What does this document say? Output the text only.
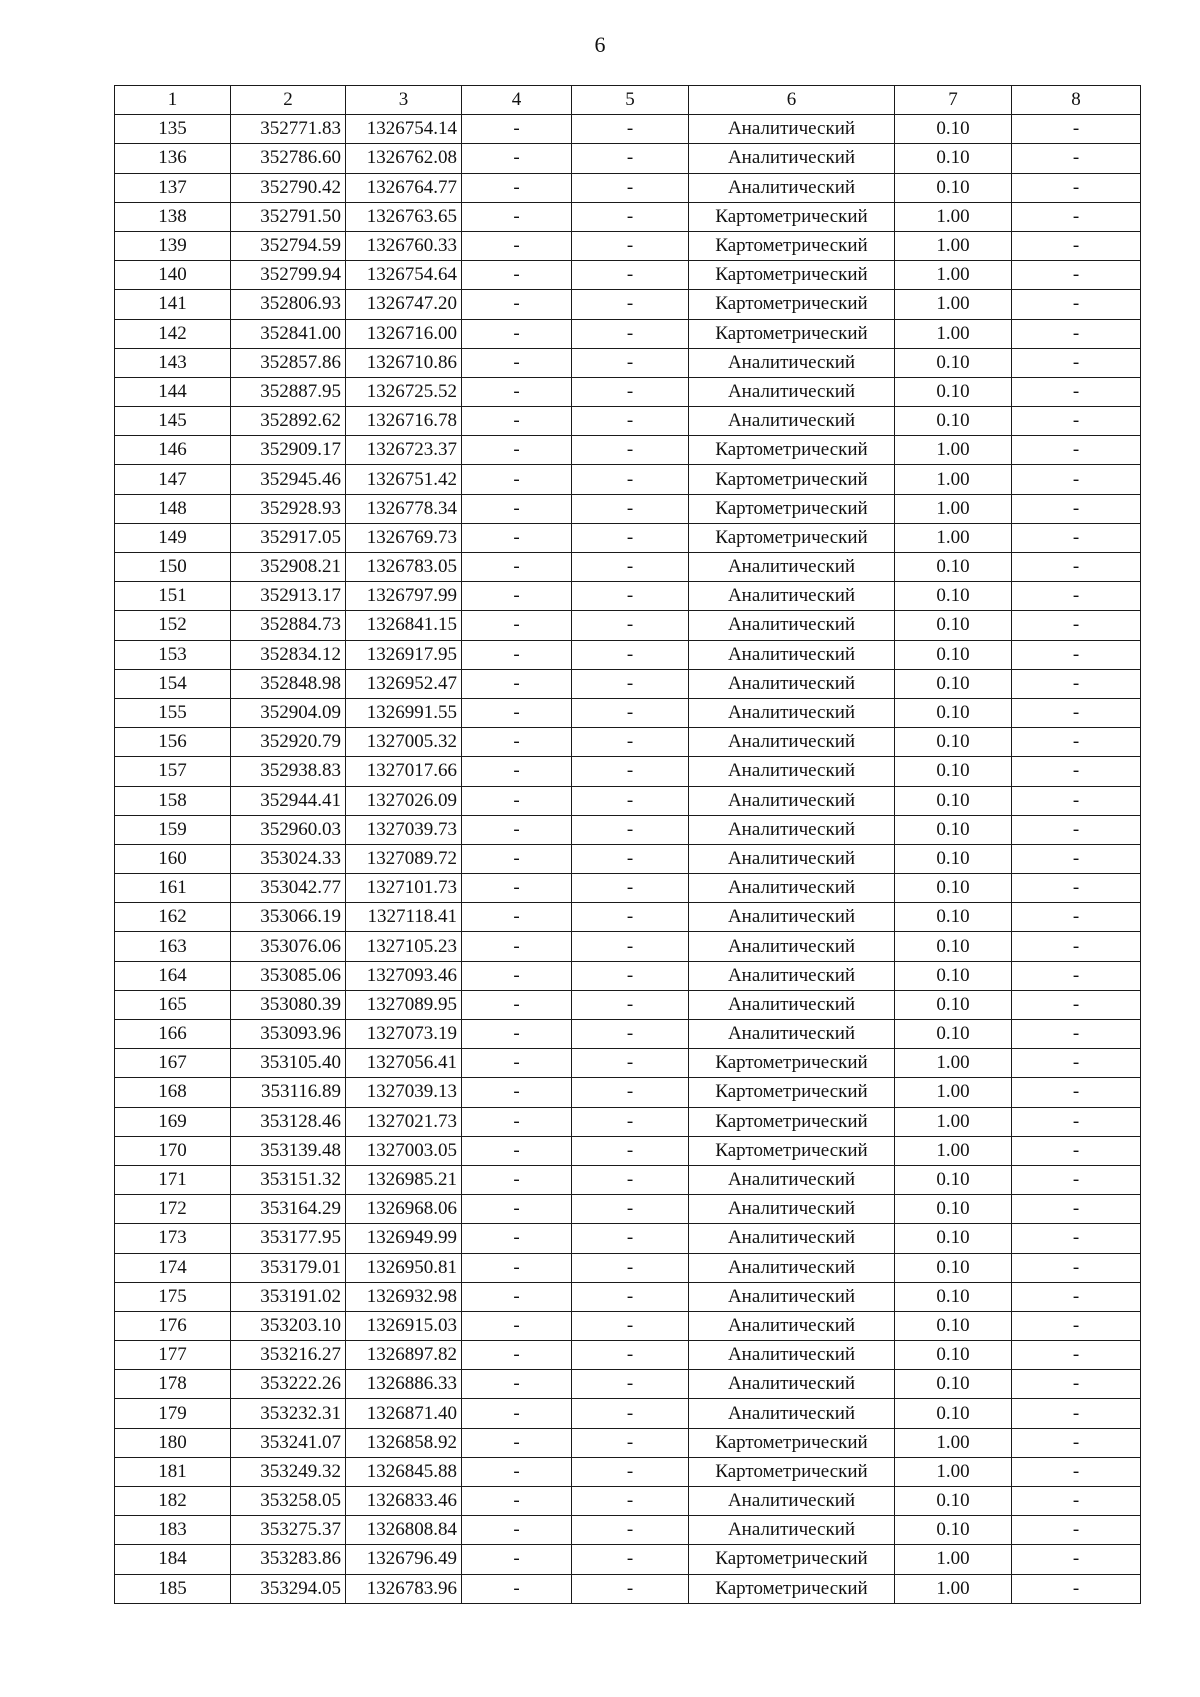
6
1	2	3	4	5	6	7	8
135	352771.83	1326754.14	-	-	Аналитический	0.10	-
136	352786.60	1326762.08	-	-	Аналитический	0.10	-
137	352790.42	1326764.77	-	-	Аналитический	0.10	-
138	352791.50	1326763.65	-	-	Картометрический	1.00	-
139	352794.59	1326760.33	-	-	Картометрический	1.00	-
140	352799.94	1326754.64	-	-	Картометрический	1.00	-
141	352806.93	1326747.20	-	-	Картометрический	1.00	-
142	352841.00	1326716.00	-	-	Картометрический	1.00	-
143	352857.86	1326710.86	-	-	Аналитический	0.10	-
144	352887.95	1326725.52	-	-	Аналитический	0.10	-
145	352892.62	1326716.78	-	-	Аналитический	0.10	-
146	352909.17	1326723.37	-	-	Картометрический	1.00	-
147	352945.46	1326751.42	-	-	Картометрический	1.00	-
148	352928.93	1326778.34	-	-	Картометрический	1.00	-
149	352917.05	1326769.73	-	-	Картометрический	1.00	-
150	352908.21	1326783.05	-	-	Аналитический	0.10	-
151	352913.17	1326797.99	-	-	Аналитический	0.10	-
152	352884.73	1326841.15	-	-	Аналитический	0.10	-
153	352834.12	1326917.95	-	-	Аналитический	0.10	-
154	352848.98	1326952.47	-	-	Аналитический	0.10	-
155	352904.09	1326991.55	-	-	Аналитический	0.10	-
156	352920.79	1327005.32	-	-	Аналитический	0.10	-
157	352938.83	1327017.66	-	-	Аналитический	0.10	-
158	352944.41	1327026.09	-	-	Аналитический	0.10	-
159	352960.03	1327039.73	-	-	Аналитический	0.10	-
160	353024.33	1327089.72	-	-	Аналитический	0.10	-
161	353042.77	1327101.73	-	-	Аналитический	0.10	-
162	353066.19	1327118.41	-	-	Аналитический	0.10	-
163	353076.06	1327105.23	-	-	Аналитический	0.10	-
164	353085.06	1327093.46	-	-	Аналитический	0.10	-
165	353080.39	1327089.95	-	-	Аналитический	0.10	-
166	353093.96	1327073.19	-	-	Аналитический	0.10	-
167	353105.40	1327056.41	-	-	Картометрический	1.00	-
168	353116.89	1327039.13	-	-	Картометрический	1.00	-
169	353128.46	1327021.73	-	-	Картометрический	1.00	-
170	353139.48	1327003.05	-	-	Картометрический	1.00	-
171	353151.32	1326985.21	-	-	Аналитический	0.10	-
172	353164.29	1326968.06	-	-	Аналитический	0.10	-
173	353177.95	1326949.99	-	-	Аналитический	0.10	-
174	353179.01	1326950.81	-	-	Аналитический	0.10	-
175	353191.02	1326932.98	-	-	Аналитический	0.10	-
176	353203.10	1326915.03	-	-	Аналитический	0.10	-
177	353216.27	1326897.82	-	-	Аналитический	0.10	-
178	353222.26	1326886.33	-	-	Аналитический	0.10	-
179	353232.31	1326871.40	-	-	Аналитический	0.10	-
180	353241.07	1326858.92	-	-	Картометрический	1.00	-
181	353249.32	1326845.88	-	-	Картометрический	1.00	-
182	353258.05	1326833.46	-	-	Аналитический	0.10	-
183	353275.37	1326808.84	-	-	Аналитический	0.10	-
184	353283.86	1326796.49	-	-	Картометрический	1.00	-
185	353294.05	1326783.96	-	-	Картометрический	1.00	-
